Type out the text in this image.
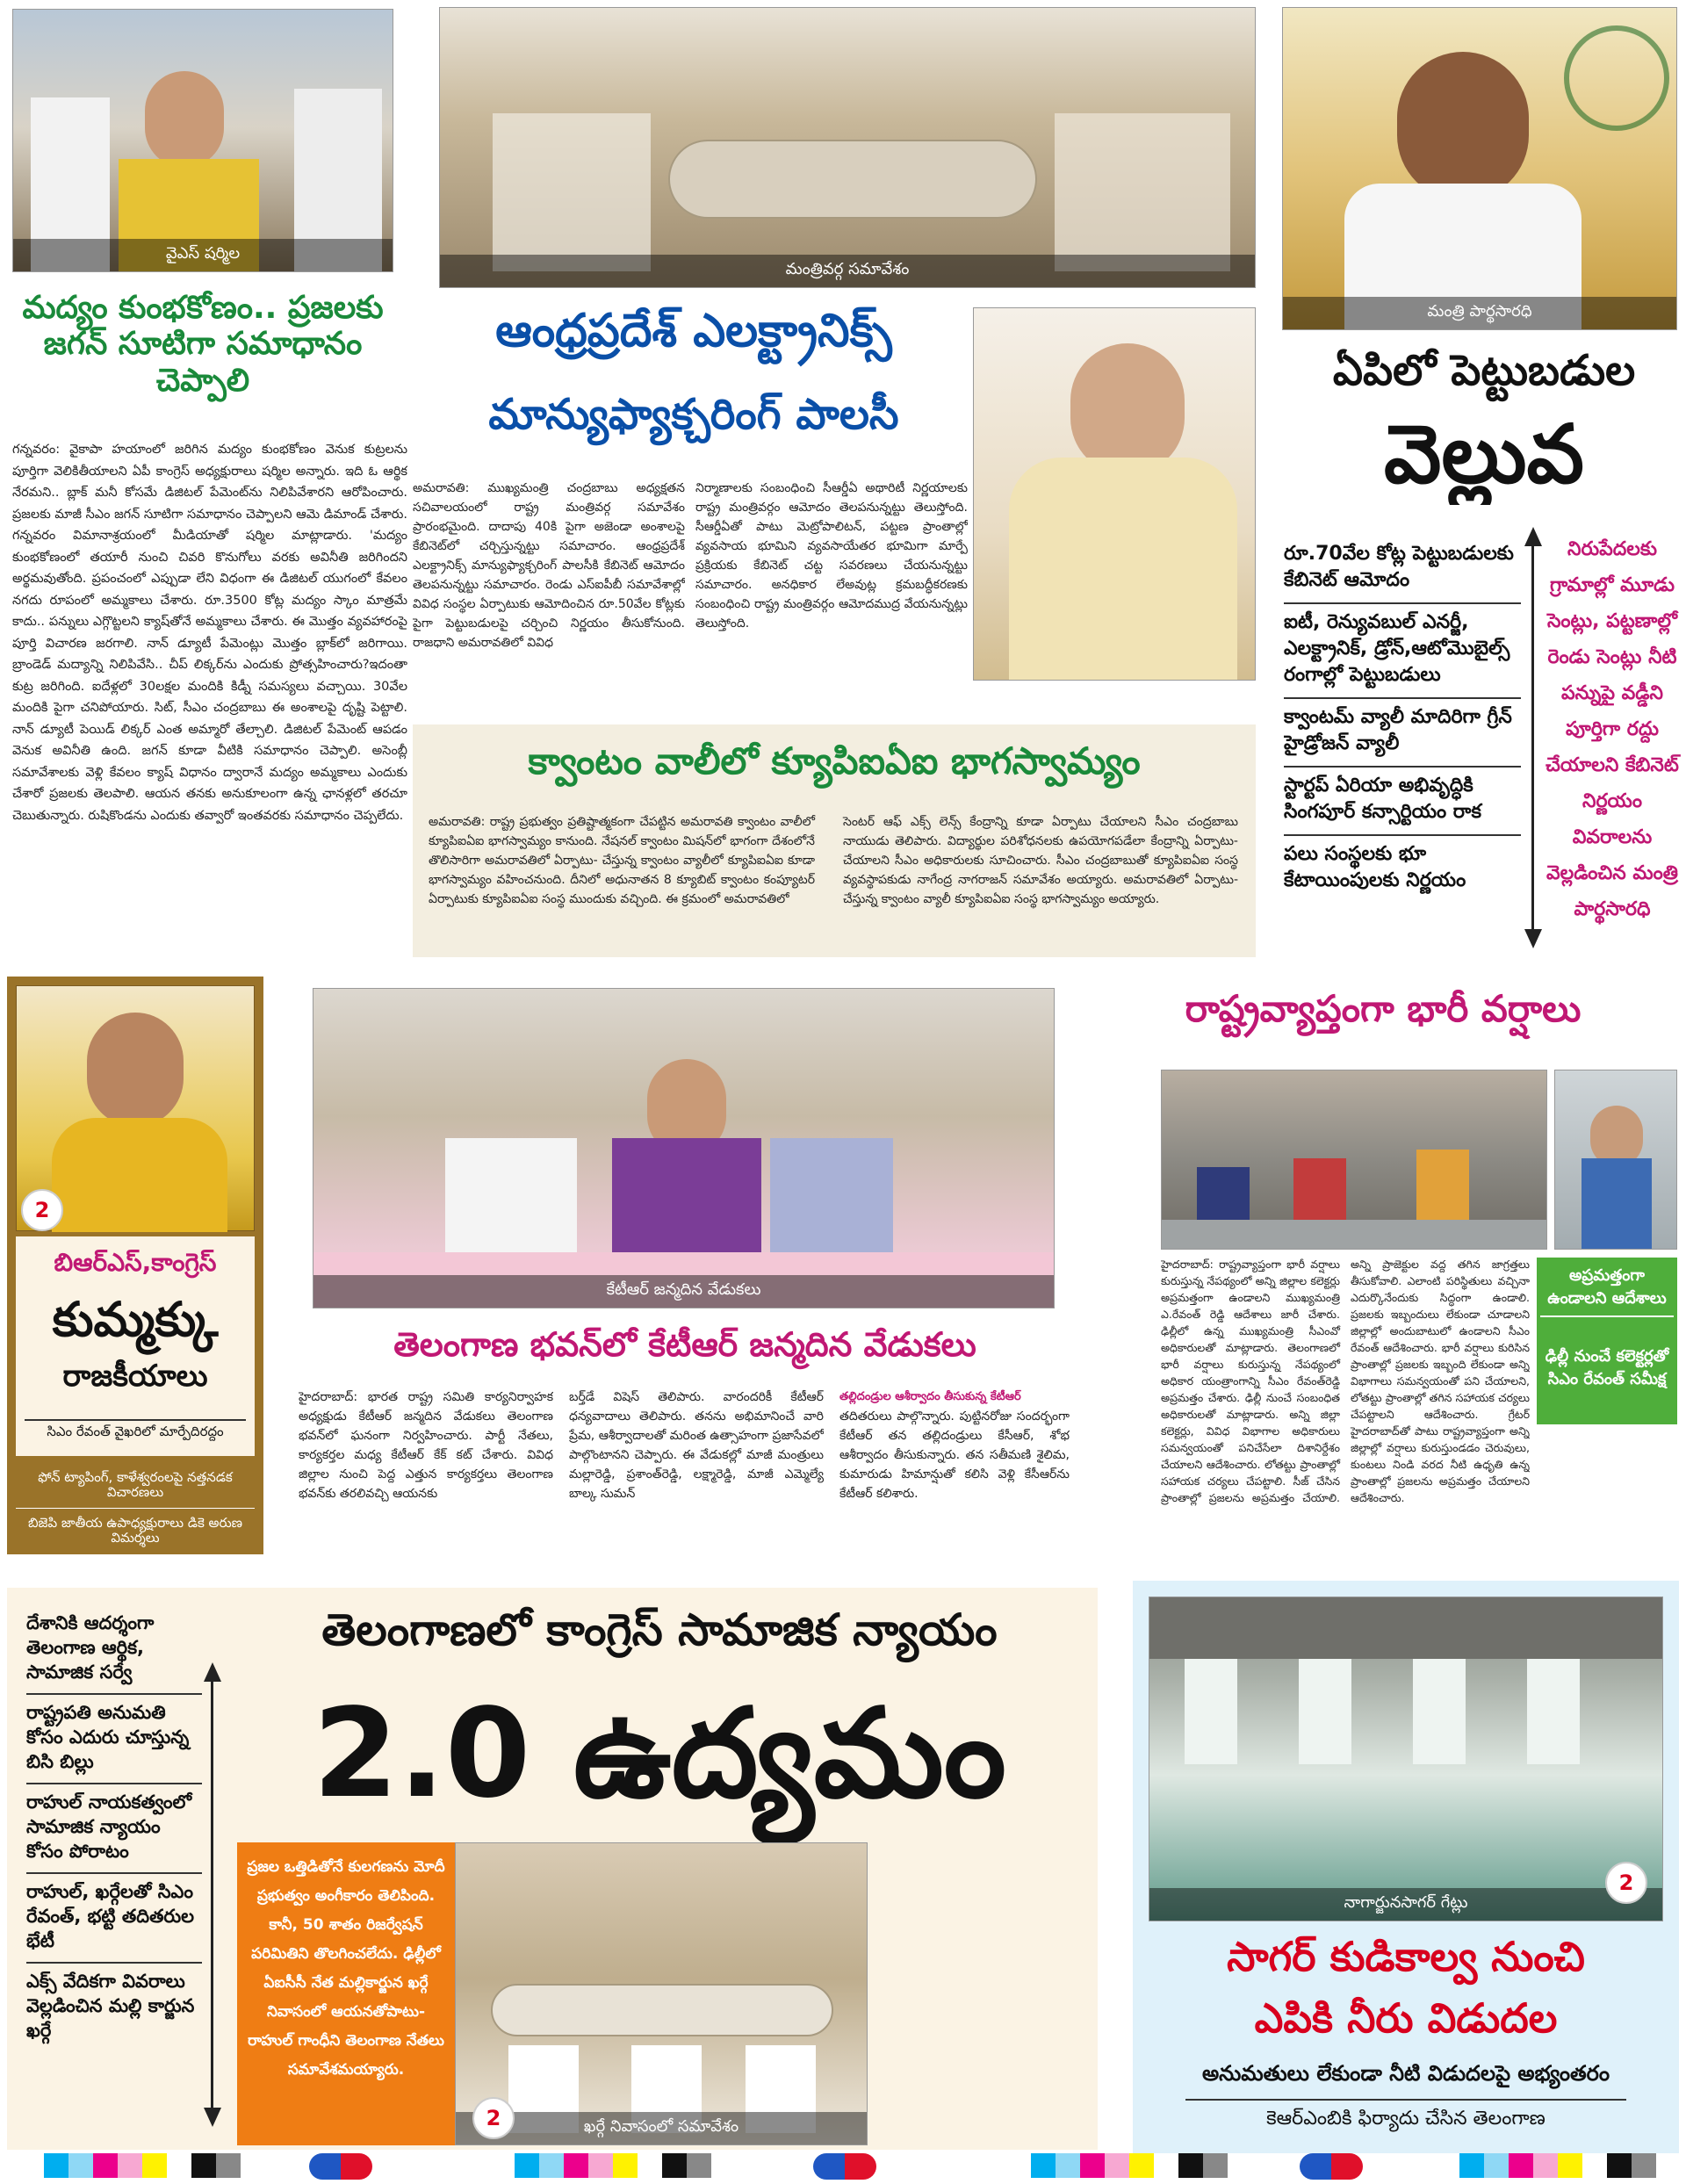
వైఎస్ షర్మిల
మంత్రివర్గ సమావేశం
మంత్రి పార్థసారధి
మద్యం కుంభకోణం.. ప్రజలకు జగన్ సూటిగా సమాధానం చెప్పాలి
గన్నవరం: వైకాపా హయాంలో జరిగిన మద్యం కుంభకోణం వెనుక కుట్రలను పూర్తిగా వెలికితీయాలని ఏపీ కాంగ్రెస్ అధ్యక్షురాలు షర్మిల అన్నారు. ఇది ఓ ఆర్థిక నేరమని.. బ్లాక్ మనీ కోసమే డిజిటల్ పేమెంట్‌ను నిలిపివేశారని ఆరోపించారు. ప్రజలకు మాజీ సీఎం జగన్ సూటిగా సమాధానం చెప్పాలని ఆమె డిమాండ్ చేశారు. గన్నవరం విమానాశ్రయంలో మీడియాతో షర్మిల మాట్లాడారు. 'మద్యం కుంభకోణంలో తయారీ నుంచి చివరి కొనుగోలు వరకు అవినీతి జరిగిందని అర్థమవుతోంది. ప్రపంచంలో ఎప్పుడా లేని విధంగా ఈ డిజిటల్ యుగంలో కేవలం నగదు రూపంలో అమ్మకాలు చేశారు. రూ.3500 కోట్ల మద్యం స్కాం మాత్రమే కాదు.. పన్నులు ఎగ్గొట్టలని క్యాష్‌తోనే అమ్మకాలు చేశారు. ఈ మొత్తం వ్యవహారంపై పూర్తి విచారణ జరగాలి. నాన్ డ్యూటీ పేమెంట్లు మొత్తం బ్లాక్‌లో జరిగాయి. బ్రాండెడ్ మద్యాన్ని నిలిపివేసి.. చీప్ లిక్కర్‌ను ఎందుకు ప్రోత్సహించారు?ఇదంతా కుట్ర జరిగింది. ఐదేళ్లలో 30లక్షల మందికి కిడ్నీ సమస్యలు వచ్చాయి. 30వేల మందికి పైగా చనిపోయారు. సిట్, సీఎం చంద్రబాబు ఈ అంశాలపై దృష్టి పెట్టాలి. నాన్ డ్యూటీ పెయిడ్ లిక్కర్ ఎంత అమ్మారో తేల్చాలి. డిజిటల్ పేమెంట్ ఆపడం వెనుక అవినీతి ఉంది. జగన్ కూడా వీటికి సమాధానం చెప్పాలి. అసెంబ్లీ సమావేశాలకు వెళ్లి కేవలం క్యాష్ విధానం ద్వారానే మద్యం అమ్మకాలు ఎందుకు చేశారో ప్రజలకు తెలపాలి. ఆయన తనకు అనుకూలంగా ఉన్న ఛానళ్లలో తరచూ చెబుతున్నారు. రుషికొండను ఎందుకు తవ్వారో ఇంతవరకు సమాధానం చెప్పలేదు.
ఆంధ్రప్రదేశ్ ఎలక్ట్రానిక్స్
మాన్యుఫ్యాక్చరింగ్ పాలసీ
అమరావతి: ముఖ్యమంత్రి చంద్రబాబు అధ్యక్షతన సచివాలయంలో రాష్ట్ర మంత్రివర్గ సమావేశం ప్రారంభమైంది. దాదాపు 40కి పైగా అజెండా అంశాలపై కేబినెట్‌లో చర్చిస్తున్నట్టు సమాచారం. ఆంధ్రప్రదేశ్ ఎలక్ట్రానిక్స్ మాన్యుఫ్యాక్చరింగ్ పాలసీకి కేబినెట్ ఆమోదం తెలపనున్నట్టు సమాచారం. రెండు ఎస్ఐపీబీ సమావేశాల్లో వివిధ సంస్థల ఏర్పాటుకు ఆమోదించిన రూ.50వేల కోట్లకు పైగా పెట్టుబడులపై చర్చించి నిర్ణయం తీసుకోనుంది. రాజధాని అమరావతిలో వివిధ
నిర్మాణాలకు సంబంధించి సీఆర్డీఏ అథారిటీ నిర్ణయాలకు రాష్ట్ర మంత్రివర్గం ఆమోదం తెలపనున్నట్టు తెలుస్తోంది. సీఆర్డీఏతో పాటు మెట్రోపాలిటన్, పట్టణ ప్రాంతాల్లో వ్యవసాయ భూమిని వ్యవసాయేతర భూమిగా మార్పే ప్రక్రియకు కేబినెట్ చట్ట సవరణలు చేయనున్నట్టు సమాచారం. అనధికార లేఅవుట్ల క్రమబద్ధీకరణకు సంబంధించి రాష్ట్ర మంత్రివర్గం ఆమోదముద్ర వేయనున్నట్లు తెలుస్తోంది.
క్వాంటం వాలీలో క్యూపిఐఏఐ భాగస్వామ్యం
అమరావతి: రాష్ట్ర ప్రభుత్వం ప్రతిష్టాత్మకంగా చేపట్టిన అమరావతి క్వాంటం వాలీలో క్యూపిఐఏఐ భాగస్వామ్యం కానుంది. నేషనల్ క్వాంటం మిషన్‌లో భాగంగా దేశంలోనే తొలిసారిగా అమరావతిలో ఏర్పాటు- చేస్తున్న క్వాంటం వ్యాలీలో క్యూపిఐఏఐ కూడా భాగస్వామ్యం వహించనుంది. దీనిలో అధునాతన 8 క్యూబిట్ క్వాంటం కంప్యూటర్ ఏర్పాటుకు క్యూపిఐఏఐ సంస్థ ముందుకు వచ్చింది. ఈ క్రమంలో అమరావతిలో
సెంటర్ ఆఫ్ ఎక్స్ లెన్స్ కేంద్రాన్ని కూడా ఏర్పాటు చేయాలని సీఎం చంద్రబాబు నాయుడు తెలిపారు. విద్యార్థుల పరిశోధనలకు ఉపయోగపడేలా కేంద్రాన్ని ఏర్పాటు- చేయాలని సీఎం అధికారులకు సూచించారు. సీఎం చంద్రబాబుతో క్యూపిఐఏఐ సంస్థ వ్యవస్థాపకుడు నాగేంద్ర నాగరాజన్ సమావేశం అయ్యారు. అమరావతిలో ఏర్పాటు- చేస్తున్న క్వాంటం వ్యాలీ క్యూపిఐఏఐ సంస్థ భాగస్వామ్యం అయ్యారు.
ఏపిలో పెట్టుబడుల
వెల్లువ
రూ.70వేల కోట్ల పెట్టుబడులకు కేబినెట్ ఆమోదం
ఐటీ, రెన్యువబుల్ ఎనర్జీ, ఎలక్ట్రానిక్, డ్రోన్,ఆటోమొబైల్స్ రంగాల్లో పెట్టుబడులు
క్వాంటమ్ వ్యాలీ మాదిరిగా గ్రీన్ హైడ్రోజన్ వ్యాలీ
స్టార్టప్ ఏరియా అభివృద్ధికి సింగపూర్ కన్సార్టియం రాక
పలు సంస్థలకు భూ కేటాయింపులకు నిర్ణయం
నిరుపేదలకు గ్రామాల్లో మూడు సెంట్లు, పట్టణాల్లో రెండు సెంట్లు నీటి పన్నుపై వడ్డీని పూర్తిగా రద్దు చేయాలని కేబినెట్ నిర్ణయం వివరాలను వెల్లడించిన మంత్రి పార్థసారధి
2
బిఆర్ఎస్,కాంగ్రెస్
కుమ్మక్కు
రాజకీయాలు
సిఎం రేవంత్ వైఖరిలో మార్పేదిరద్దం
ఫోన్ ట్యాపింగ్, కాళేశ్వరంలపై నత్తనడక విచారణలు
బిజెపి జాతీయ ఉపాధ్యక్షురాలు డికె అరుణ విమర్శలు
కేటీఆర్ జన్మదిన వేడుకలు
తెలంగాణ భవన్‌లో కేటీఆర్ జన్మదిన వేడుకలు
హైదరాబాద్: భారత రాష్ట్ర సమితి కార్యనిర్వాహక అధ్యక్షుడు కేటీఆర్ జన్మదిన వేడుకలు తెలంగాణ భవన్‌లో ఘనంగా నిర్వహించారు. పార్టీ నేతలు, కార్యకర్తల మధ్య కేటీఆర్ కేక్ కట్ చేశారు. వివిధ జిల్లాల నుంచి పెద్ద ఎత్తున కార్యకర్తలు తెలంగాణ భవన్‌కు తరలివచ్చి ఆయనకు
బర్త్‌డే విషెస్ తెలిపారు. వారందరికీ కేటీఆర్ ధన్యవాదాలు తెలిపారు. తనను అభిమానించే వారి ప్రేమ, ఆశీర్వాదాలతో మరింత ఉత్సాహంగా ప్రజాసేవలో పాల్గొంటానని చెప్పారు. ఈ వేడుకల్లో మాజీ మంత్రులు మల్లారెడ్డి, ప్రశాంత్‌రెడ్డి, లక్ష్మారెడ్డి, మాజీ ఎమ్మెల్యే బాల్క సుమన్
తల్లిదండ్రుల ఆశీర్వాదం తీసుకున్న కేటీఆర్
తదితరులు పాల్గొన్నారు. పుట్టినరోజు సందర్భంగా కేటీఆర్ తన తల్లిదండ్రులు కేసీఆర్, శోభ ఆశీర్వాదం తీసుకున్నారు. తన సతీమణి శైలిమ, కుమారుడు హిమాన్షుతో కలిసి వెళ్లి కేసీఆర్‌ను కేటీఆర్ కలిశారు.
రాష్ట్రవ్యాప్తంగా భారీ వర్షాలు
హైదరాబాద్: రాష్ట్రవ్యాప్తంగా భారీ వర్షాలు కురుస్తున్న నేపథ్యంలో అన్ని జిల్లాల కలెక్టర్లు అప్రమత్తంగా ఉండాలని ముఖ్యమంత్రి ఎ.రేవంత్ రెడ్డి ఆదేశాలు జారీ చేశారు. ఢిల్లీలో ఉన్న ముఖ్యమంత్రి సీఎంవో అధికారులతో మాట్లాడారు. తెలంగాణలో భారీ వర్షాలు కురుస్తున్న నేపథ్యంలో అధికార యంత్రాంగాన్ని సీఎం రేవంత్‌రెడ్డి అప్రమత్తం చేశారు. ఢిల్లీ నుంచే సంబంధిత అధికారులతో మాట్లాడారు. అన్ని జిల్లా కలెక్టర్లు, వివిధ విభాగాల అధికారులు సమన్వయంతో పనిచేసేలా దిశానిర్దేశం చేయాలని ఆదేశించారు. లోతట్టు ప్రాంతాల్లో సహాయక చర్యలు చేపట్టాలి. సీజ్ చేసిన ప్రాంతాల్లో ప్రజలను అప్రమత్తం చేయాలి. అన్ని ప్రాజెక్టుల వద్ద తగిన జాగ్రత్తలు తీసుకోవాలి. ఎలాంటి పరిస్థితులు వచ్చినా ఎదుర్కొనేందుకు సిద్ధంగా ఉండాలి. ప్రజలకు ఇబ్బందులు లేకుండా చూడాలని జిల్లాల్లో అందుబాటులో ఉండాలని సీఎం రేవంత్ ఆదేశించారు. భారీ వర్షాలు కురిసిన ప్రాంతాల్లో ప్రజలకు ఇబ్బంది లేకుండా అన్ని విభాగాలు సమన్వయంతో పని చేయాలని, లోతట్టు ప్రాంతాల్లో తగిన సహాయక చర్యలు చేపట్టాలని ఆదేశించారు. గ్రేటర్ హైదరాబాద్‌తో పాటు రాష్ట్రవ్యాప్తంగా అన్ని జిల్లాల్లో వర్షాలు కురుస్తుండడం చెరువులు, కుంటలు నిండి వరద నీటి ఉధృతి ఉన్న ప్రాంతాల్లో ప్రజలను అప్రమత్తం చేయాలని ఆదేశించారు.
అప్రమత్తంగా ఉండాలని ఆదేశాలు
ఢిల్లీ నుంచే కలెక్టర్లతో సిఎం రేవంత్ సమీక్ష
దేశానికి ఆదర్శంగా తెలంగాణ ఆర్థిక, సామాజిక సర్వే
రాష్ట్రపతి అనుమతి కోసం ఎదురు చూస్తున్న బిసి బిల్లు
రాహుల్ నాయకత్వంలో సామాజిక న్యాయం కోసం పోరాటం
రాహుల్, ఖర్గేలతో సిఎం రేవంత్, భట్టి తదితరుల భేటీ
ఎక్స్ వేదికగా వివరాలు వెల్లడించిన మల్లి కార్జున ఖర్గే
తెలంగాణలో కాంగ్రెస్ సామాజిక న్యాయం
2.0 ఉద్యమం
ప్రజల ఒత్తిడితోనే కులగణను మోదీ ప్రభుత్వం అంగీకారం తెలిపింది. కానీ, 50 శాతం రిజర్వేషన్ పరిమితిని తొలగించలేదు. ఢిల్లీలో ఏఐసీసీ నేత మల్లికార్జున ఖర్గే నివాసంలో ఆయనతోపాటు- రాహుల్ గాంధీని తెలంగాణ నేతలు సమావేశమయ్యారు.
ఖర్గే నివాసంలో సమావేశం
2
నాగార్జునసాగర్ గేట్లు
2
సాగర్ కుడికాల్వ నుంచి
ఎపికి నీరు విడుదల
అనుమతులు లేకుండా నీటి విడుదలపై అభ్యంతరం
కెఆర్ఎంబికి ఫిర్యాదు చేసిన తెలంగాణ
